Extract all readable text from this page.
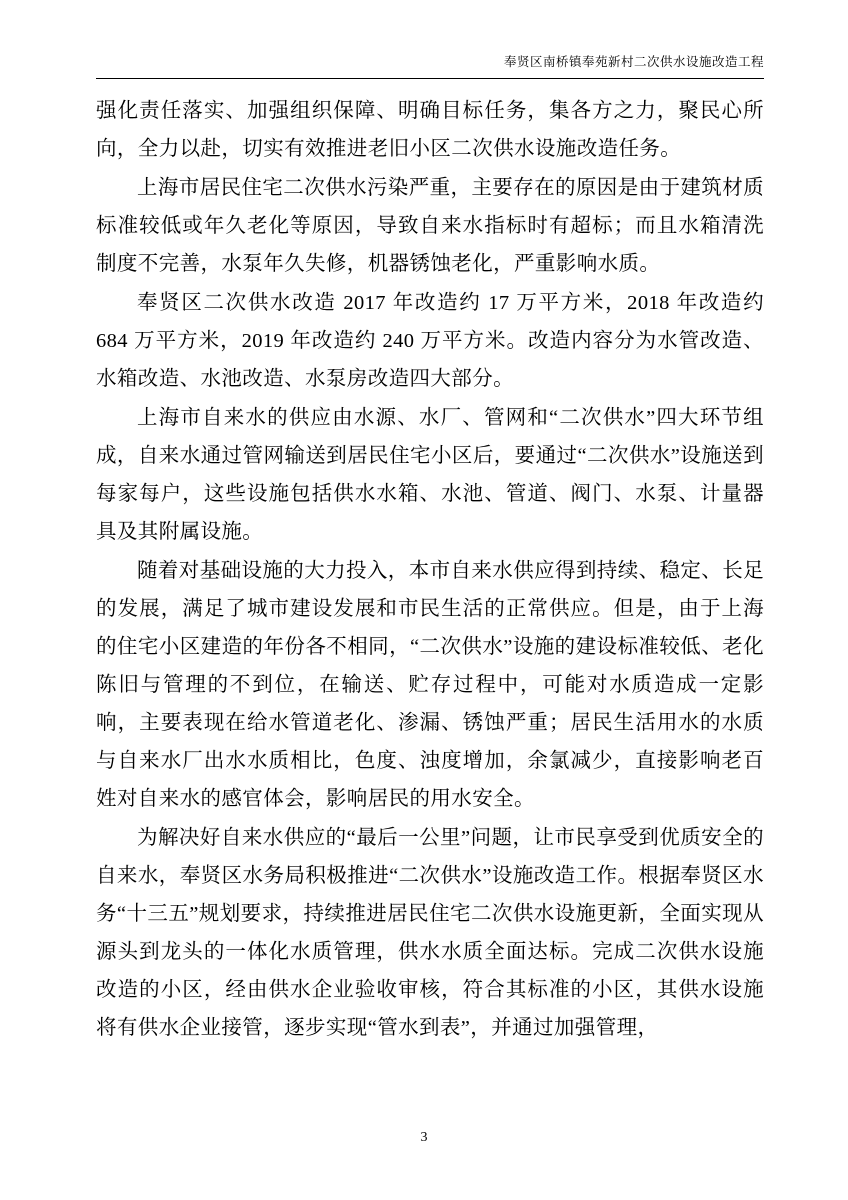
奉贤区南桥镇奉苑新村二次供水设施改造工程

强化责任落实、加强组织保障、明确目标任务，集各方之力，聚民心所向，全力以赴，切实有效推进老旧小区二次供水设施改造任务。

上海市居民住宅二次供水污染严重，主要存在的原因是由于建筑材质标准较低或年久老化等原因，导致自来水指标时有超标；而且水箱清洗制度不完善，水泵年久失修，机器锈蚀老化，严重影响水质。

奉贤区二次供水改造 2017 年改造约 17 万平方米，2018 年改造约 684 万平方米，2019 年改造约 240 万平方米。改造内容分为水管改造、水箱改造、水池改造、水泵房改造四大部分。

上海市自来水的供应由水源、水厂、管网和“二次供水”四大环节组成，自来水通过管网输送到居民住宅小区后，要通过“二次供水”设施送到每家每户，这些设施包括供水水箱、水池、管道、阀门、水泵、计量器具及其附属设施。

随着对基础设施的大力投入，本市自来水供应得到持续、稳定、长足的发展，满足了城市建设发展和市民生活的正常供应。但是，由于上海的住宅小区建造的年份各不相同，“二次供水”设施的建设标准较低、老化陈旧与管理的不到位，在输送、贮存过程中，可能对水质造成一定影响，主要表现在给水管道老化、渗漏、锈蚀严重；居民生活用水的水质与自来水厂出水水质相比，色度、浊度增加，余氯减少，直接影响老百姓对自来水的感官体会，影响居民的用水安全。

为解决好自来水供应的“最后一公里”问题，让市民享受到优质安全的自来水，奉贤区水务局积极推进“二次供水”设施改造工作。根据奉贤区水务“十三五”规划要求，持续推进居民住宅二次供水设施更新，全面实现从源头到龙头的一体化水质管理，供水水质全面达标。完成二次供水设施改造的小区，经由供水企业验收审核，符合其标准的小区，其供水设施将有供水企业接管，逐步实现“管水到表”，并通过加强管理，

3
